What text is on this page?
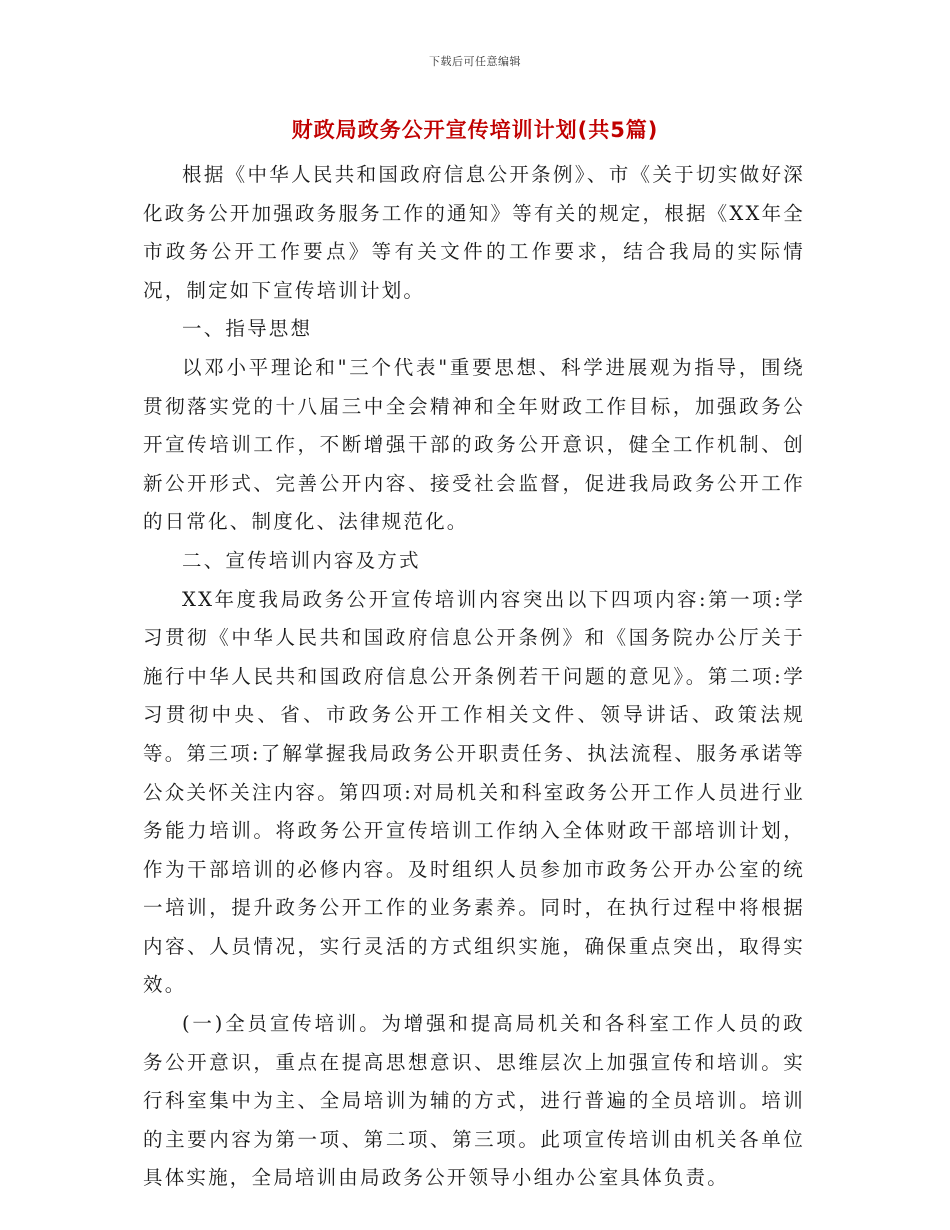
下载后可任意编辑
财政局政务公开宣传培训计划(共5篇)

根据《中华人民共和国政府信息公开条例》、市《关于切实做好深化政务公开加强政务服务工作的通知》等有关的规定，根据《XX年全市政务公开工作要点》等有关文件的工作要求，结合我局的实际情况，制定如下宣传培训计划。

一、指导思想

以邓小平理论和"三个代表"重要思想、科学进展观为指导，围绕贯彻落实党的十八届三中全会精神和全年财政工作目标，加强政务公开宣传培训工作，不断增强干部的政务公开意识，健全工作机制、创新公开形式、完善公开内容、接受社会监督，促进我局政务公开工作的日常化、制度化、法律规范化。

二、宣传培训内容及方式

XX年度我局政务公开宣传培训内容突出以下四项内容:第一项:学习贯彻《中华人民共和国政府信息公开条例》和《国务院办公厅关于施行中华人民共和国政府信息公开条例若干问题的意见》。第二项:学习贯彻中央、省、市政务公开工作相关文件、领导讲话、政策法规等。第三项:了解掌握我局政务公开职责任务、执法流程、服务承诺等公众关怀关注内容。第四项:对局机关和科室政务公开工作人员进行业务能力培训。将政务公开宣传培训工作纳入全体财政干部培训计划，作为干部培训的必修内容。及时组织人员参加市政务公开办公室的统一培训，提升政务公开工作的业务素养。同时，在执行过程中将根据内容、人员情况，实行灵活的方式组织实施，确保重点突出，取得实效。

(一)全员宣传培训。为增强和提高局机关和各科室工作人员的政务公开意识，重点在提高思想意识、思维层次上加强宣传和培训。实行科室集中为主、全局培训为辅的方式，进行普遍的全员培训。培训的主要内容为第一项、第二项、第三项。此项宣传培训由机关各单位具体实施，全局培训由局政务公开领导小组办公室具体负责。
